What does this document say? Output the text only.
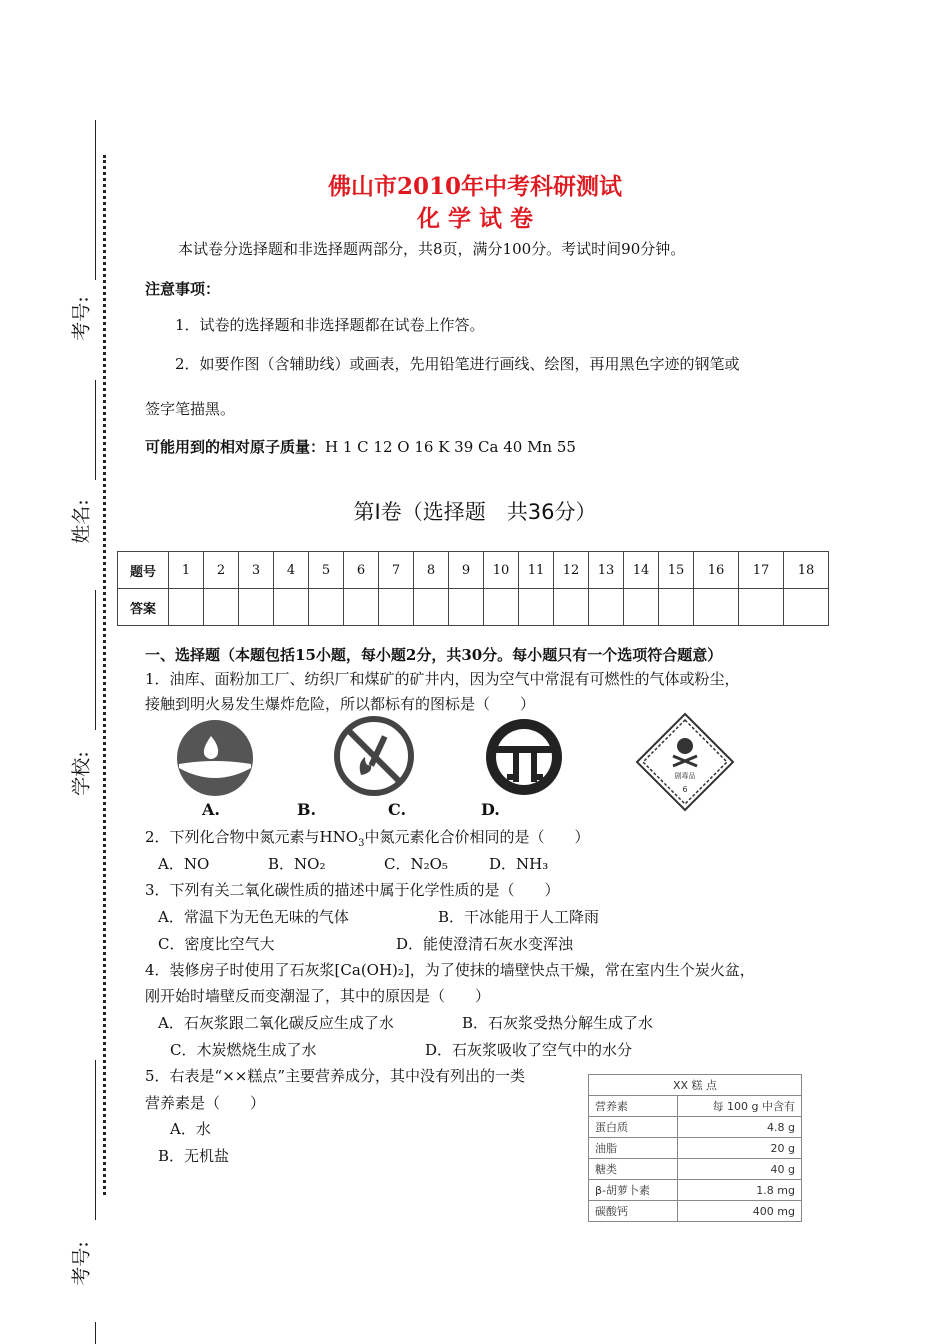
考号:
姓名:
学校:
考号:
佛山市2010年中考科研测试
化 学 试 卷
本试卷分选择题和非选择题两部分，共8页，满分100分。考试时间90分钟。
注意事项：
1．试卷的选择题和非选择题都在试卷上作答。
2．如要作图（含辅助线）或画表，先用铅笔进行画线、绘图，再用黑色字迹的钢笔或
签字笔描黑。
可能用到的相对原子质量：H 1 C 12 O 16 K 39 Ca 40 Mn 55
第Ⅰ卷（选择题　共36分）
题号	1	2	3	4	5	6	7	8	9	10	11	12	13	14	15	16	17	18
答案																		
一、选择题（本题包括15小题，每小题2分，共30分。每小题只有一个选项符合题意）
1．油库、面粉加工厂、纺织厂和煤矿的矿井内，因为空气中常混有可燃性的气体或粉尘，
接触到明火易发生爆炸危险，所以都标有的图标是（　　）
剧毒品
6
A.	B.	C.	D.
2．下列化合物中氮元素与$HNO_3$中氮元素化合价相同的是（　　）
A．NO	B．NO₂	C．N₂O₅	D．NH₃
3．下列有关二氧化碳性质的描述中属于化学性质的是（　　）
A．常温下为无色无味的气体	B．干冰能用于人工降雨
C．密度比空气大	D．能使澄清石灰水变浑浊
4．装修房子时使用了石灰浆[Ca(OH)₂]，为了使抹的墙壁快点干燥，常在室内生个炭火盆，
刚开始时墙壁反而变潮湿了，其中的原因是（　　）
A．石灰浆跟二氧化碳反应生成了水	B．石灰浆受热分解生成了水
C．木炭燃烧生成了水	D．石灰浆吸收了空气中的水分
5．右表是“××糕点”主要营养成分，其中没有列出的一类
营养素是（　　）
A．水
B．无机盐
XX 糕 点	
营养素	每 100 g 中含有
蛋白质	4.8 g
油脂	20 g
糖类	40 g
β-胡萝卜素	1.8 mg
碳酸钙	400 mg
